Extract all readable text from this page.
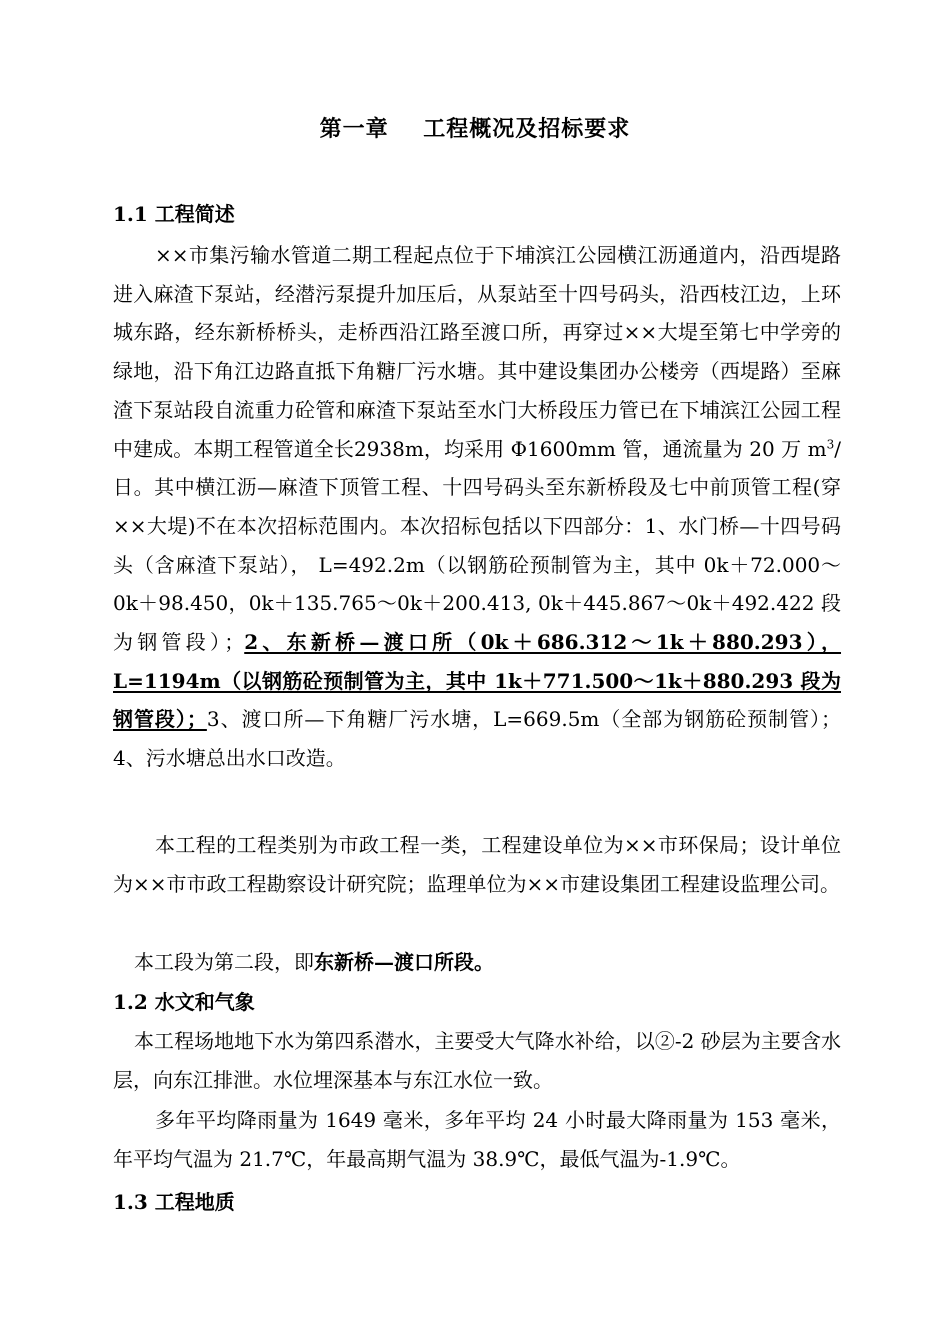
第一章    工程概况及招标要求
1.1 工程简述

××市集污输水管道二期工程起点位于下埔滨江公园横江沥通道内，沿西堤路进入麻渣下泵站，经潜污泵提升加压后，从泵站至十四号码头，沿西枝江边，上环城东路，经东新桥桥头，走桥西沿江路至渡口所，再穿过××大堤至第七中学旁的绿地，沿下角江边路直抵下角糖厂污水塘。其中建设集团办公楼旁（西堤路）至麻渣下泵站段自流重力砼管和麻渣下泵站至水门大桥段压力管已在下埔滨江公园工程中建成。本期工程管道全长2938m，均采用 Φ1600mm 管，通流量为 20 万 $m^3/$日。其中横江沥—麻渣下顶管工程、十四号码头至东新桥段及七中前顶管工程(穿××大堤)不在本次招标范围内。本次招标包括以下四部分：1、水门桥—十四号码头（含麻渣下泵站）， L=492.2m（以钢筋砼预制管为主，其中 0k＋72.000～0k＋98.450，0k＋135.765～0k＋200.413, 0k＋445.867～0k＋492.422 段为钢管段）；2、东新桥—渡口所（0k＋686.312～1k＋880.293），L=1194m（以钢筋砼预制管为主，其中 1k＋771.500～1k＋880.293 段为钢管段）；3、渡口所—下角糖厂污水塘，L=669.5m（全部为钢筋砼预制管）；4、污水塘总出水口改造。

本工程的工程类别为市政工程一类，工程建设单位为××市环保局；设计单位为××市市政工程勘察设计研究院；监理单位为××市建设集团工程建设监理公司。

本工段为第二段，即东新桥—渡口所段。

1.2 水文和气象

本工程场地地下水为第四系潜水，主要受大气降水补给，以②-2 砂层为主要含水层，向东江排泄。水位埋深基本与东江水位一致。

多年平均降雨量为 1649 毫米，多年平均 24 小时最大降雨量为 153 毫米，年平均气温为 21.7℃，年最高期气温为 38.9℃，最低气温为-1.9℃。

1.3 工程地质
